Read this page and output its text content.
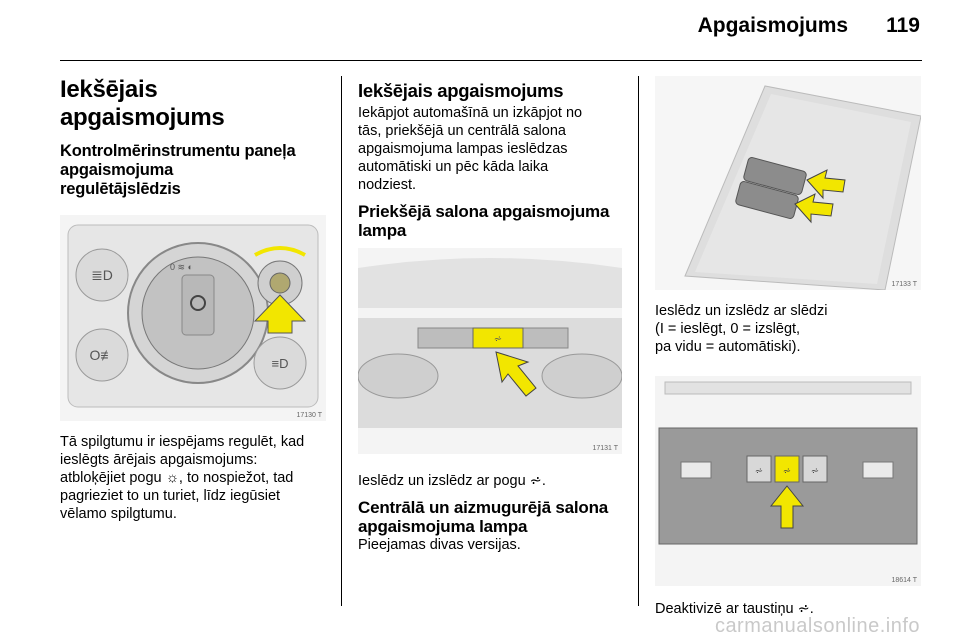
Apgaismojums 119
Iekšējais apgaismojums
Kontrolmērinstrumentu paneļa
apgaismojuma
regulētājslēdzis
≣D
O≢
0 ≋ ◐
≡D
17130 T
Tā spilgtumu ir iespējams regulēt, kad
ieslēgts ārējais apgaismojums:
atbloķējiet pogu ☼, to nospiežot, tad
pagrieziet to un turiet, līdz iegūsiet
vēlamo spilgtumu.
Iekšējais apgaismojums
Iekāpjot automašīnā un izkāpjot no
tās, priekšējā un centrālā salona
apgaismojuma lampas ieslēdzas
automātiski un pēc kāda laika
nodziest.
Priekšējā salona apgaismojuma
lampa
⩫
17131 T
Ieslēdz un izslēdz ar pogu ⩫.
Centrālā un aizmugurējā salona
apgaismojuma lampa
Pieejamas divas versijas.
17133 T
Ieslēdz un izslēdz ar slēdzi
(I = ieslēgt, 0 = izslēgt,
pa vidu = automātiski).
⩫ ⩫ ⩫
18614 T
Deaktivizē ar taustiņu ⩫.
carmanualsonline.info
